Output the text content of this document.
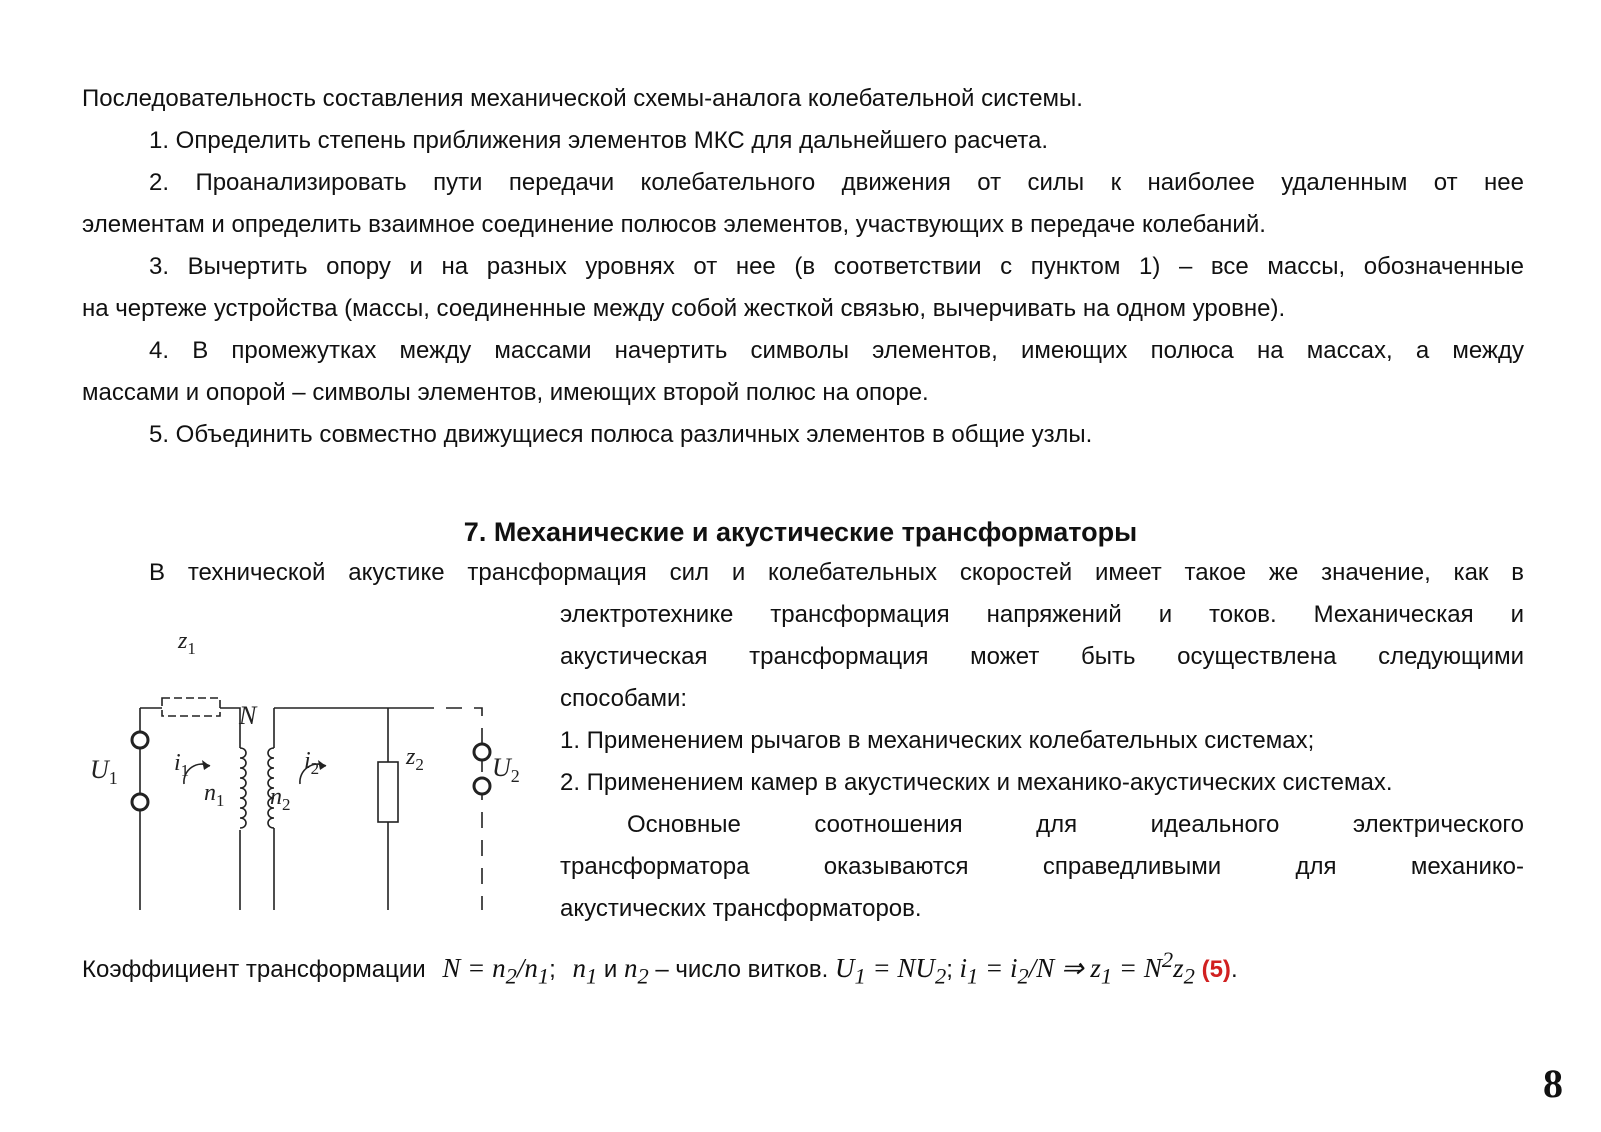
Последовательность составления механической схемы-аналога колебательной системы.
1. Определить степень приближения элементов МКС для дальнейшего расчета.
2. Проанализировать пути передачи колебательного движения от силы к наиболее удаленным от нее
элементам и определить взаимное соединение полюсов элементов, участвующих в передаче колебаний.
3. Вычертить опору и на разных уровнях от нее (в соответствии с пунктом 1) – все массы, обозначенные
на чертеже устройства (массы, соединенные между собой жесткой связью, вычерчивать на одном уровне).
4. В промежутках между массами начертить символы элементов, имеющих полюса на массах, а между
массами и опорой – символы элементов, имеющих второй полюс на опоре.
5. Объединить совместно движущиеся полюса различных элементов в общие узлы.
7. Механические и акустические трансформаторы
В технической акустике трансформация сил и колебательных скоростей имеет такое же значение, как в
электротехнике трансформация напряжений и токов. Механическая и
акустическая трансформация может быть осуществлена следующими
способами:
1. Применением рычагов в механических колебательных системах;
2. Применением камер в акустических и механико-акустических системах.
Основные соотношения для идеального электрического
трансформатора оказываются справедливыми для механико-
акустических трансформаторов.
$z_1$
N
$U_1$
$i_1$
$n_1$
$i_2$
$n_2$
$z_2$	$U_2$
Коэффициент трансформации $N = n_2/n_1$; $n_1$ и $n_2$ – число витков. $U_1 = NU_2$; $i_1 = i_2/N$ ⇒ $z_1 = N^2z_2$ (5).
8
